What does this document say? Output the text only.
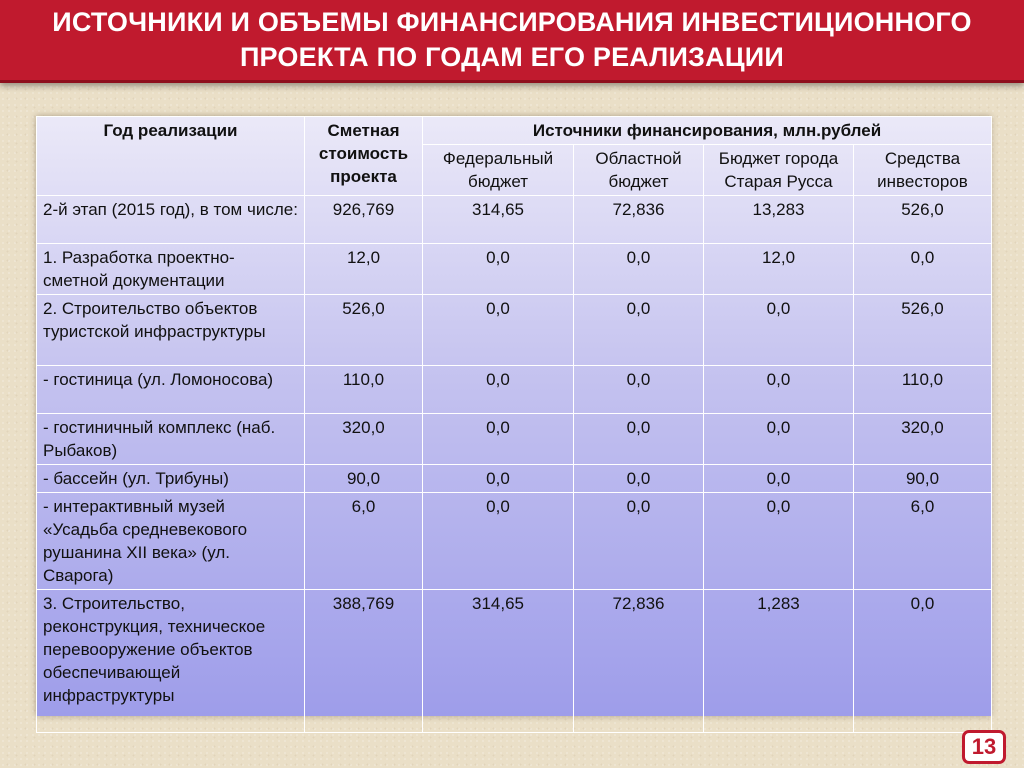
ИСТОЧНИКИ И ОБЪЕМЫ ФИНАНСИРОВАНИЯ ИНВЕСТИЦИОННОГО
ПРОЕКТА ПО ГОДАМ ЕГО РЕАЛИЗАЦИИ
Год реализации	Сметная стоимость проекта	Источники финансирования, млн.рублей			
		Федеральный бюджет	Областной бюджет	Бюджет города Старая Русса	Средства инвесторов
2-й этап (2015 год), в том числе:	926,769	314,65	72,836	13,283	526,0
1. Разработка проектно-сметной документации	12,0	0,0	0,0	12,0	0,0
2. Строительство объектов туристской инфраструктуры	526,0	0,0	0,0	0,0	526,0
- гостиница (ул. Ломоносова)	110,0	0,0	0,0	0,0	110,0
- гостиничный комплекс (наб. Рыбаков)	320,0	0,0	0,0	0,0	320,0
- бассейн (ул. Трибуны)	90,0	0,0	0,0	0,0	90,0
- интерактивный музей «Усадьба средневекового рушанина XII века» (ул. Сварога)	6,0	0,0	0,0	0,0	6,0
3. Строительство, реконструкция, техническое перевооружение объектов обеспечивающей инфраструктуры	388,769	314,65	72,836	1,283	0,0
13
